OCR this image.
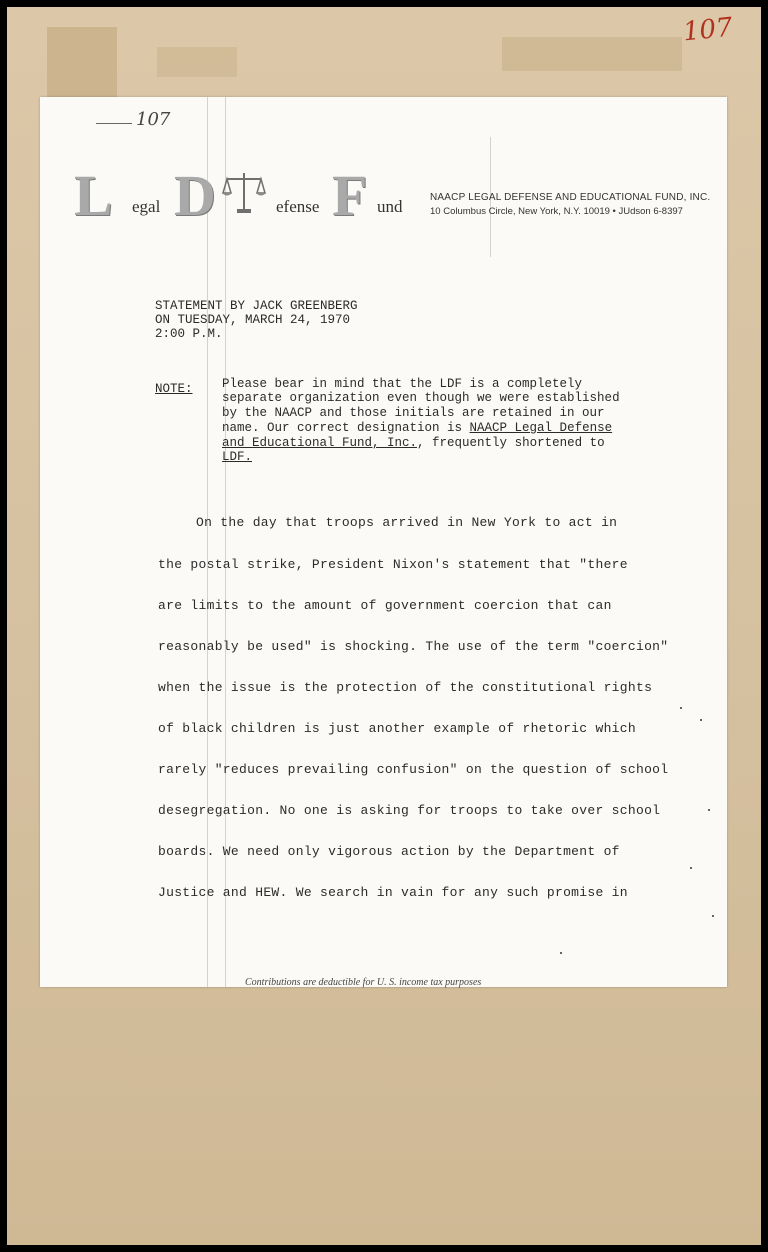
107
107
L egal D	efense F und	NAACP LEGAL DEFENSE AND EDUCATIONAL FUND, INC.
10 Columbus Circle, New York, N.Y. 10019 • JUdson 6-8397
STATEMENT BY JACK GREENBERG
ON TUESDAY, MARCH 24, 1970
2:00 P.M.
NOTE: Please bear in mind that the LDF is a completely
separate organization even though we were established
by the NAACP and those initials are retained in our
name. Our correct designation is NAACP Legal Defense
and Educational Fund, Inc., frequently shortened to
LDF.
On the day that troops arrived in New York to act in
the postal strike, President Nixon's statement that "there
are limits to the amount of government coercion that can
reasonably be used" is shocking. The use of the term "coercion"
when the issue is the protection of the constitutional rights
of black children is just another example of rhetoric which
rarely "reduces prevailing confusion" on the question of school
desegregation. No one is asking for troops to take over school
boards. We need only vigorous action by the Department of
Justice and HEW. We search in vain for any such promise in
Contributions are deductible for U. S. income tax purposes
